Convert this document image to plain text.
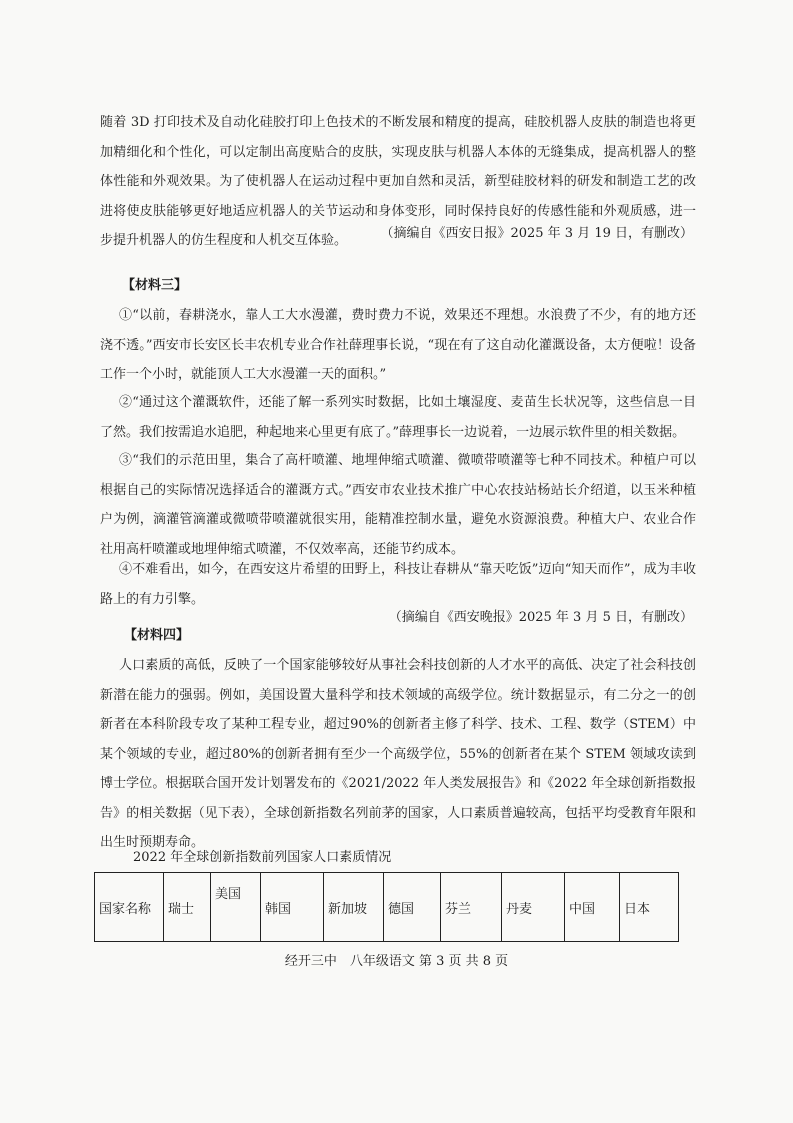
随着 3D 打印技术及自动化硅胶打印上色技术的不断发展和精度的提高，硅胶机器人皮肤的制造也将更加精细化和个性化，可以定制出高度贴合的皮肤，实现皮肤与机器人本体的无缝集成，提高机器人的整体性能和外观效果。为了使机器人在运动过程中更加自然和灵活，新型硅胶材料的研发和制造工艺的改进将使皮肤能够更好地适应机器人的关节运动和身体变形，同时保持良好的传感性能和外观质感，进一步提升机器人的仿生程度和人机交互体验。	（摘编自《西安日报》2025 年 3 月 19 日，有删改）

【材料三】

①“以前，春耕浇水，靠人工大水漫灌，费时费力不说，效果还不理想。水浪费了不少，有的地方还浇不透。”西安市长安区长丰农机专业合作社薛理事长说，“现在有了这自动化灌溉设备，太方便啦！设备工作一个小时，就能顶人工大水漫灌一天的面积。”

②“通过这个灌溉软件，还能了解一系列实时数据，比如土壤湿度、麦苗生长状况等，这些信息一目了然。我们按需追水追肥，种起地来心里更有底了。”薛理事长一边说着，一边展示软件里的相关数据。

③“我们的示范田里，集合了高杆喷灌、地埋伸缩式喷灌、微喷带喷灌等七种不同技术。种植户可以根据自己的实际情况选择适合的灌溉方式。”西安市农业技术推广中心农技站杨站长介绍道，以玉米种植户为例，滴灌管滴灌或微喷带喷灌就很实用，能精准控制水量，避免水资源浪费。种植大户、农业合作社用高杆喷灌或地埋伸缩式喷灌，不仅效率高，还能节约成本。

④不难看出，如今，在西安这片希望的田野上，科技让春耕从“靠天吃饭”迈向“知天而作”，成为丰收路上的有力引擎。

（摘编自《西安晚报》2025 年 3 月 5 日，有删改）

【材料四】

人口素质的高低，反映了一个国家能够较好从事社会科技创新的人才水平的高低、决定了社会科技创新潜在能力的强弱。例如，美国设置大量科学和技术领域的高级学位。统计数据显示，有二分之一的创新者在本科阶段专攻了某种工程专业，超过90%的创新者主修了科学、技术、工程、数学（STEM）中某个领域的专业，超过80%的创新者拥有至少一个高级学位，55%的创新者在某个 STEM 领域攻读到博士学位。根据联合国开发计划署发布的《2021/2022 年人类发展报告》和《2022 年全球创新指数报告》的相关数据（见下表），全球创新指数名列前茅的国家，人口素质普遍较高，包括平均受教育年限和出生时预期寿命。

2022 年全球创新指数前列国家人口素质情况

国家名称	瑞士	美国	韩国	新加坡	德国	芬兰	丹麦	中国	日本

经开三中　八年级语文 第 3 页 共 8 页
